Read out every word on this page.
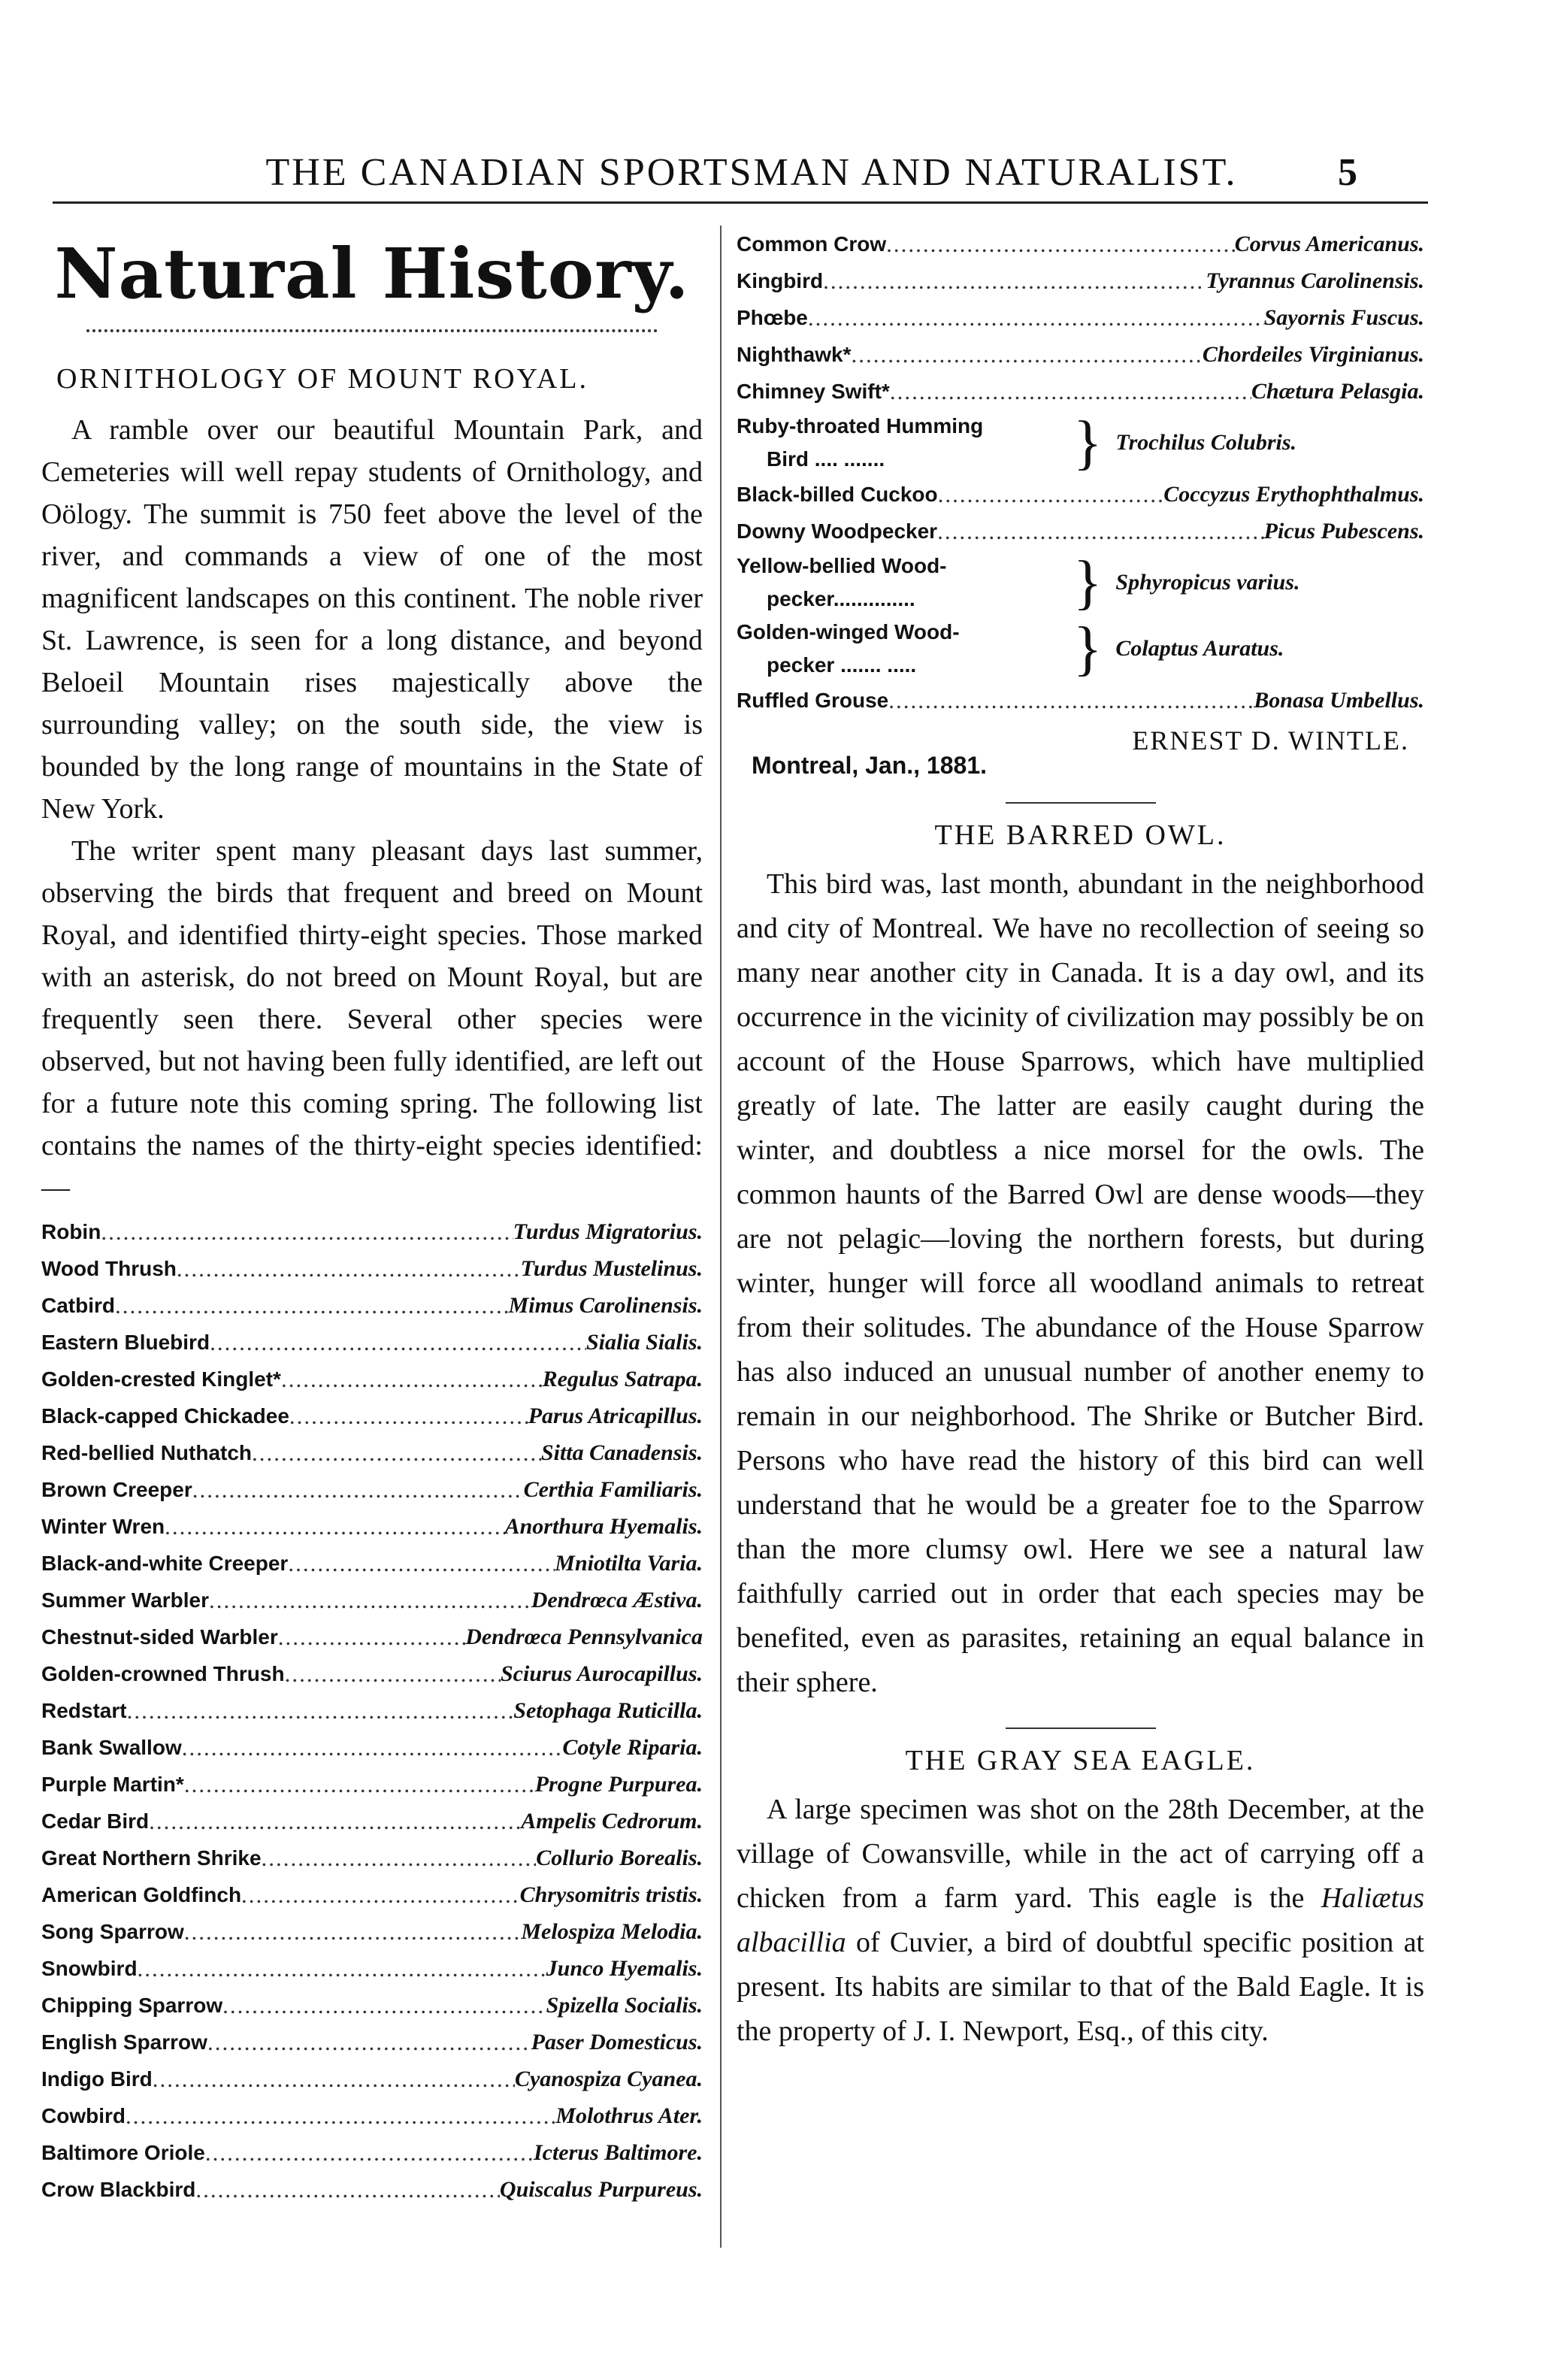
THE CANADIAN SPORTSMAN AND NATURALIST.	5
Natural History.
ORNITHOLOGY OF MOUNT ROYAL.

A ramble over our beautiful Mountain Park, and Cemeteries will well repay students of Ornithology, and Oölogy. The summit is 750 feet above the level of the river, and commands a view of one of the most magnificent landscapes on this continent. The noble river St. Lawrence, is seen for a long distance, and beyond Beloeil Mountain rises majestically above the surrounding valley; on the south side, the view is bounded by the long range of mountains in the State of New York.

The writer spent many pleasant days last summer, observing the birds that frequent and breed on Mount Royal, and identified thirty-eight species. Those marked with an asterisk, do not breed on Mount Royal, but are frequently seen there. Several other species were observed, but not having been fully identified, are left out for a future note this coming spring. The following list contains the names of the thirty-eight species identified:—

Robin .....	Turdus Migratorius.
Wood Thrush .....	Turdus Mustelinus.
Catbird .....	Mimus Carolinensis.
Eastern Bluebird .....	Sialia Sialis.
Golden-crested Kinglet* .....	Regulus Satrapa.
Black-capped Chickadee .....	Parus Atricapillus.
Red-bellied Nuthatch .....	Sitta Canadensis.
Brown Creeper .....	Certhia Familiaris.
Winter Wren .....	Anorthura Hyemalis.
Black-and-white Creeper .....	Mniotilta Varia.
Summer Warbler .....	Dendrœca Æstiva.
Chestnut-sided Warbler .....	Dendrœca Pennsylvanica
Golden-crowned Thrush .....	Sciurus Aurocapillus.
Redstart .....	Setophaga Ruticilla.
Bank Swallow .....	Cotyle Riparia.
Purple Martin* .....	Progne Purpurea.
Cedar Bird .....	Ampelis Cedrorum.
Great Northern Shrike .....	Collurio Borealis.
American Goldfinch .....	Chrysomitris tristis.
Song Sparrow .....	Melospiza Melodia.
Snowbird .....	Junco Hyemalis.
Chipping Sparrow .....	Spizella Socialis.
English Sparrow .....	Paser Domesticus.
Indigo Bird .....	Cyanospiza Cyanea.
Cowbird .....	Molothrus Ater.
Baltimore Oriole .....	Icterus Baltimore.
Crow Blackbird .....	Quiscalus Purpureus.
Common Crow .....	Corvus Americanus.
Kingbird .....	Tyrannus Carolinensis.
Phœbe .....	Sayornis Fuscus.
Nighthawk* .....	Chordeiles Virginianus.
Chimney Swift* .....	Chætura Pelasgia.
Ruby-throated Humming
Bird .... .......	} Trochilus Colubris.
Black-billed Cuckoo .....	Coccyzus Erythophthalmus.
Downy Woodpecker .....	Picus Pubescens.
Yellow-bellied Wood-
pecker..............	} Sphyropicus varius.
Golden-winged Wood-
pecker ....... .....	} Colaptus Auratus.
Ruffled Grouse .....	Bonasa Umbellus.
ERNEST D. WINTLE.
Montreal, Jan., 1881.
THE BARRED OWL.

This bird was, last month, abundant in the neighborhood and city of Montreal. We have no recollection of seeing so many near another city in Canada. It is a day owl, and its occurrence in the vicinity of civilization may possibly be on account of the House Sparrows, which have multiplied greatly of late. The latter are easily caught during the winter, and doubtless a nice morsel for the owls. The common haunts of the Barred Owl are dense woods—they are not pelagic—loving the northern forests, but during winter, hunger will force all woodland animals to retreat from their solitudes. The abundance of the House Sparrow has also induced an unusual number of another enemy to remain in our neighborhood. The Shrike or Butcher Bird. Persons who have read the history of this bird can well understand that he would be a greater foe to the Sparrow than the more clumsy owl. Here we see a natural law faithfully carried out in order that each species may be benefited, even as parasites, retaining an equal balance in their sphere.

THE GRAY SEA EAGLE.

A large specimen was shot on the 28th December, at the village of Cowansville, while in the act of carrying off a chicken from a farm yard. This eagle is the Haliætus albacillia of Cuvier, a bird of doubtful specific position at present. Its habits are similar to that of the Bald Eagle. It is the property of J. I. Newport, Esq., of this city.
